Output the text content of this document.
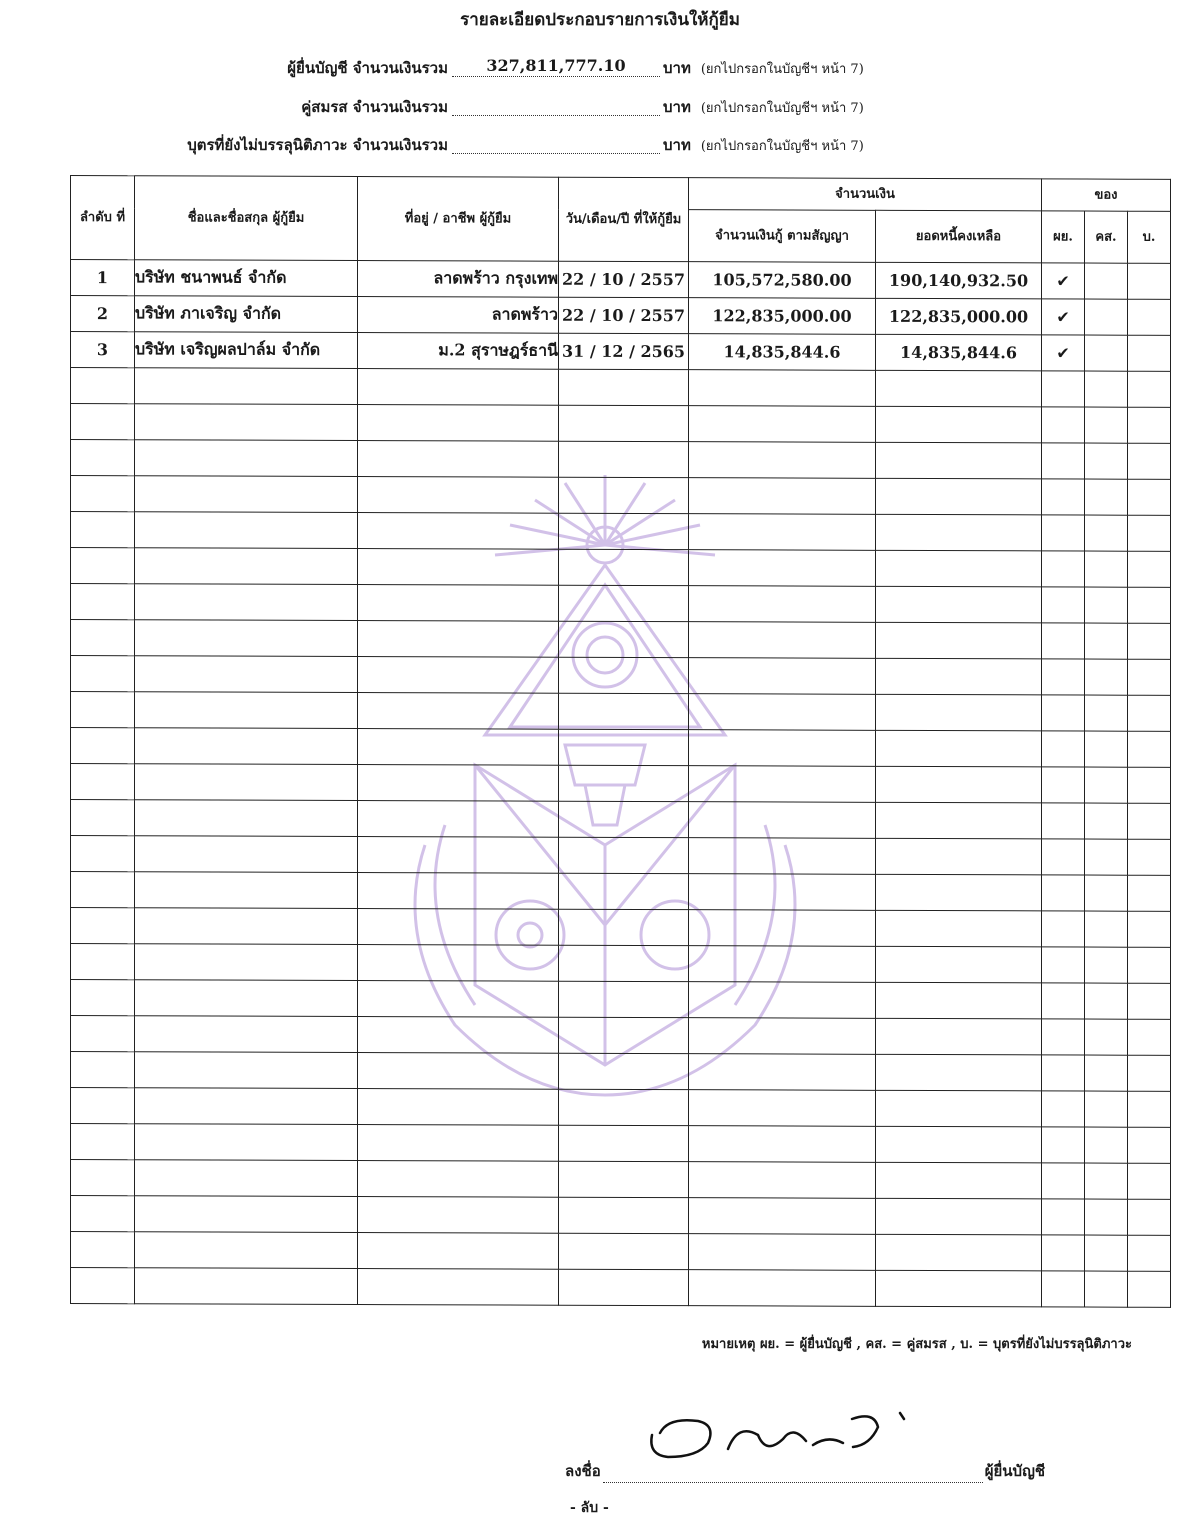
รายละเอียดประกอบรายการเงินให้กู้ยืม
ผู้ยื่นบัญชี จำนวนเงินรวม	327,811,777.10	บาท (ยกไปกรอกในบัญชีฯ หน้า 7)
คู่สมรส จำนวนเงินรวม	บาท (ยกไปกรอกในบัญชีฯ หน้า 7)
บุตรที่ยังไม่บรรลุนิติภาวะ จำนวนเงินรวม	บาท (ยกไปกรอกในบัญชีฯ หน้า 7)
ลำดับ ที่	ชื่อและชื่อสกุล ผู้กู้ยืม	ที่อยู่ / อาชีพ ผู้กู้ยืม	วัน/เดือน/ปี ที่ให้กู้ยืม	จำนวนเงิน		ของ		
				จำนวนเงินกู้ ตามสัญญา	ยอดหนี้คงเหลือ	ผย.	คส.	บ.
1	บริษัท ชนาพนธ์ จำกัด	ลาดพร้าว กรุงเทพ	22 / 10 / 2557	105,572,580.00	190,140,932.50	✔		
2	บริษัท ภาเจริญ จำกัด	ลาดพร้าว	22 / 10 / 2557	122,835,000.00	122,835,000.00	✔		
3	บริษัท เจริญผลปาล์ม จำกัด	ม.2 สุราษฎร์ธานี	31 / 12 / 2565	14,835,844.6	14,835,844.6	✔		

หมายเหตุ ผย. = ผู้ยื่นบัญชี , คส. = คู่สมรส , บ. = บุตรที่ยังไม่บรรลุนิติภาวะ
ลงชื่อ	ผู้ยื่นบัญชี
- ลับ -
